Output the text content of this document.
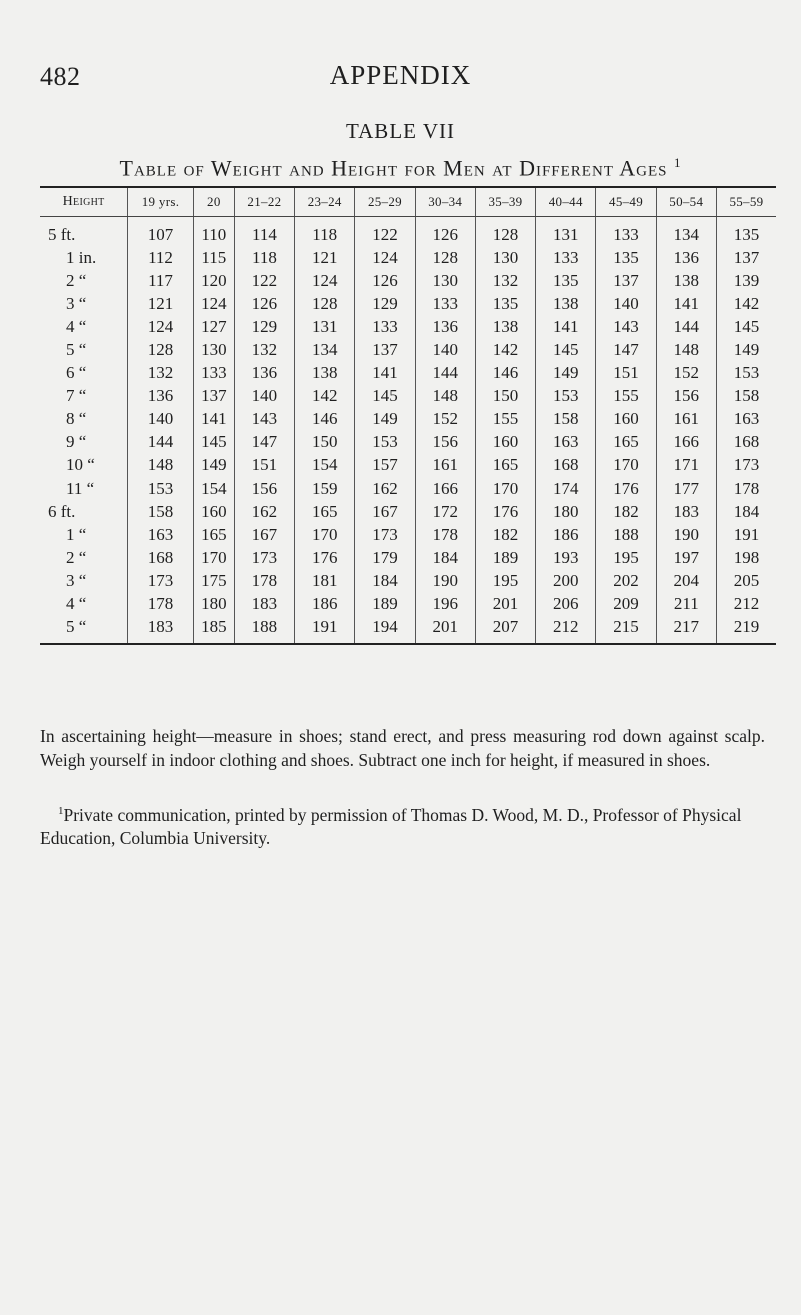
482	APPENDIX
TABLE VII
Table of Weight and Height for Men at Different Ages $^1$
Height	19 yrs.	20	21–22	23–24	25–29	30–34	35–39	40–44	45–49	50–54	55–59
5 ft.	107	110	114	118	122	126	128	131	133	134	135
1 in.	112	115	118	121	124	128	130	133	135	136	137
2 “	117	120	122	124	126	130	132	135	137	138	139
3 “	121	124	126	128	129	133	135	138	140	141	142
4 “	124	127	129	131	133	136	138	141	143	144	145
5 “	128	130	132	134	137	140	142	145	147	148	149
6 “	132	133	136	138	141	144	146	149	151	152	153
7 “	136	137	140	142	145	148	150	153	155	156	158
8 “	140	141	143	146	149	152	155	158	160	161	163
9 “	144	145	147	150	153	156	160	163	165	166	168
10 “	148	149	151	154	157	161	165	168	170	171	173
11 “	153	154	156	159	162	166	170	174	176	177	178
6 ft.	158	160	162	165	167	172	176	180	182	183	184
1 “	163	165	167	170	173	178	182	186	188	190	191
2 “	168	170	173	176	179	184	189	193	195	197	198
3 “	173	175	178	181	184	190	195	200	202	204	205
4 “	178	180	183	186	189	196	201	206	209	211	212
5 “	183	185	188	191	194	201	207	212	215	217	219

In ascertaining height—measure in shoes; stand erect, and press measuring rod down against scalp. Weigh yourself in indoor clothing and shoes. Subtract one inch for height, if measured in shoes.

$^1$Private communication, printed by permission of Thomas D. Wood, M. D., Professor of Physical Education, Columbia University.
